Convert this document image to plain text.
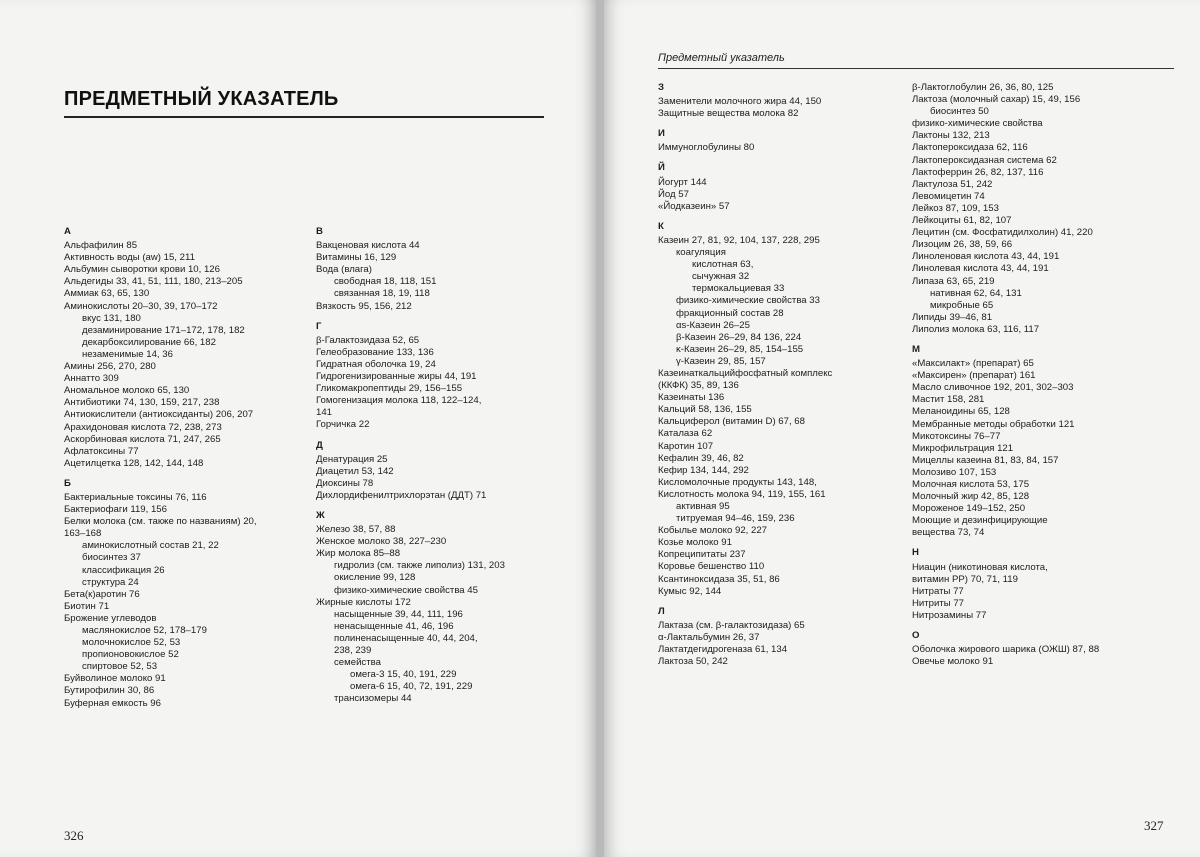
ПРЕДМЕТНЫЙ УКАЗАТЕЛЬ
А
Альфафилин 85
Активность воды (aw) 15, 211
Альбумин сыворотки крови 10, 126
Альдегиды 33, 41, 51, 111, 180, 213–205
Аммиак 63, 65, 130
Аминокислоты 20–30, 39, 170–172
вкус 131, 180
дезаминирование 171–172, 178, 182
декарбоксилирование 66, 182
незаменимые 14, 36
Амины 256, 270, 280
Аннатто 309
Аномальное молоко 65, 130
Антибиотики 74, 130, 159, 217, 238
Антиокислители (антиоксиданты) 206, 207
Арахидоновая кислота 72, 238, 273
Аскорбиновая кислота 71, 247, 265
Афлатоксины 77
Ацетилцетка 128, 142, 144, 148
Б
Бактериальные токсины 76, 116
Бактериофаги 119, 156
Белки молока (см. также по названиям) 20,
163–168
аминокислотный состав 21, 22
биосинтез 37
классификация 26
структура 24
Бета(к)аротин 76
Биотин 71
Брожение углеводов
маслянокислое 52, 178–179
молочнокислое 52, 53
пропионовокислое 52
спиртовое 52, 53
Буйволиное молоко 91
Бутирофилин 30, 86
Буферная емкость 96
В
Вакценовая кислота 44
Витамины 16, 129
Вода (влага)
свободная 18, 118, 151
связанная 18, 19, 118
Вязкость 95, 156, 212
Г
β-Галактозидаза 52, 65
Гелеобразование 133, 136
Гидратная оболочка 19, 24
Гидрогенизированные жиры 44, 191
Гликомакропептиды 29, 156–155
Гомогенизация молока 118, 122–124,
141
Горчичка 22
Д
Денатурация 25
Диацетил 53, 142
Диоксины 78
Дихлордифенилтрихлорэтан (ДДТ) 71
Ж
Железо 38, 57, 88
Женское молоко 38, 227–230
Жир молока 85–88
гидролиз (см. также липолиз) 131, 203
окисление 99, 128
физико-химические свойства 45
Жирные кислоты 172
насыщенные 39, 44, 111, 196
ненасыщенные 41, 46, 196
полиненасыщенные 40, 44, 204,
238, 239
семейства
омега-3 15, 40, 191, 229
омега-6 15, 40, 72, 191, 229
трансизомеры 44
326
Предметный указатель
З
Заменители молочного жира 44, 150
Защитные вещества молока 82
И
Иммуноглобулины 80
Й
Йогурт 144
Йод 57
«Йодказеин» 57
К
Казеин 27, 81, 92, 104, 137, 228, 295
коагуляция
кислотная 63,
сычужная 32
термокальциевая 33
физико-химические свойства 33
фракционный состав 28
αs-Казеин 26–25
β-Казеин 26–29, 84 136, 224
κ-Казеин 26–29, 85, 154–155
γ-Казеин 29, 85, 157
Казеинаткальцийфосфатный комплекс
(ККФК) 35, 89, 136
Казеинаты 136
Кальций 58, 136, 155
Кальциферол (витамин D) 67, 68
Каталаза 62
Каротин 107
Кефалин 39, 46, 82
Кефир 134, 144, 292
Кисломолочные продукты 143, 148,
Кислотность молока 94, 119, 155, 161
активная 95
титруемая 94–46, 159, 236
Кобылье молоко 92, 227
Козье молоко 91
Копреципитаты 237
Коровье бешенство 110
Ксантиноксидаза 35, 51, 86
Кумыс 92, 144
Л
Лактаза (см. β-галактозидаза) 65
α-Лактальбумин 26, 37
Лактатдегидрогеназа 61, 134
Лактоза 50, 242
β-Лактоглобулин 26, 36, 80, 125
Лактоза (молочный сахар) 15, 49, 156
биосинтез 50
физико-химические свойства
Лактоны 132, 213
Лактопероксидаза 62, 116
Лактопероксидазная система 62
Лактоферрин 26, 82, 137, 116
Лактулоза 51, 242
Левомицетин 74
Лейкоз 87, 109, 153
Лейкоциты 61, 82, 107
Лецитин (см. Фосфатидилхолин) 41, 220
Лизоцим 26, 38, 59, 66
Линоленовая кислота 43, 44, 191
Линолевая кислота 43, 44, 191
Липаза 63, 65, 219
нативная 62, 64, 131
микробные 65
Липиды 39–46, 81
Липолиз молока 63, 116, 117
М
«Максилакт» (препарат) 65
«Максирен» (препарат) 161
Масло сливочное 192, 201, 302–303
Мастит 158, 281
Меланоидины 65, 128
Мембранные методы обработки 121
Микотоксины 76–77
Микрофильтрация 121
Мицеллы казеина 81, 83, 84, 157
Молозиво 107, 153
Молочная кислота 53, 175
Молочный жир 42, 85, 128
Мороженое 149–152, 250
Моющие и дезинфицирующие
вещества 73, 74
Н
Ниацин (никотиновая кислота,
витамин PP) 70, 71, 119
Нитраты 77
Нитриты 77
Нитрозамины 77
О
Оболочка жирового шарика (ОЖШ) 87, 88
Овечье молоко 91
327
